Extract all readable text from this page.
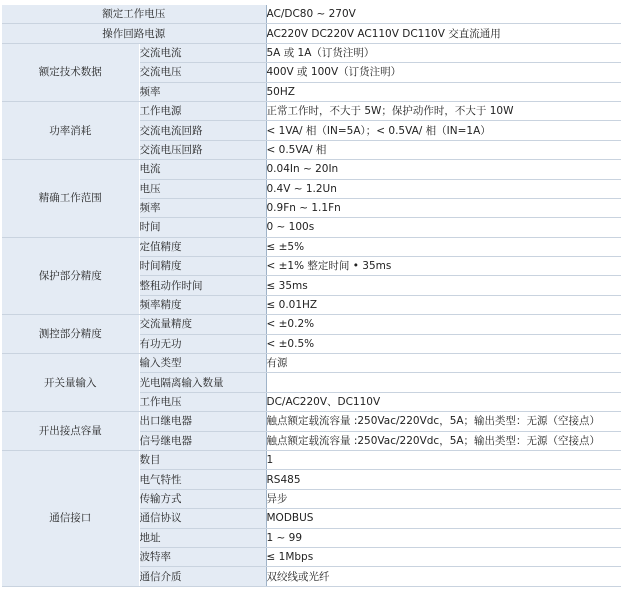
额定工作电压		AC/DC80 ~ 270V
操作回路电源		AC220V DC220V AC110V DC110V 交直流通用
额定技术数据	交流电流	5A 或 1A（订货注明）
	交流电压	400V 或 100V（订货注明）
	频率	50HZ
功率消耗	工作电源	正常工作时，不大于 5W；保护动作时，不大于 10W
	交流电流回路	< 1VA/ 相（IN=5A）；< 0.5VA/ 相（IN=1A）
	交流电压回路	< 0.5VA/ 相
精确工作范围	电流	0.04In ~ 20In
	电压	0.4V ~ 1.2Un
	频率	0.9Fn ~ 1.1Fn
	时间	0 ~ 100s
保护部分精度	定值精度	≤ ±5%
	时间精度	< ±1% 整定时间 • 35ms
	整租动作时间	≤ 35ms
	频率精度	≤ 0.01HZ
测控部分精度	交流量精度	< ±0.2%
	有功无功	< ±0.5%
开关量输入	输入类型	有源
	光电隔离输入数量	
	工作电压	DC/AC220V、DC110V
开出接点容量	出口继电器	触点额定载流容量 :250Vac/220Vdc，5A；输出类型：无源（空接点）
	信号继电器	触点额定载流容量 :250Vac/220Vdc，5A；输出类型：无源（空接点）
通信接口	数目	1
	电气特性	RS485
	传输方式	异步
	通信协议	MODBUS
	地址	1 ~ 99
	波特率	≤ 1Mbps
	通信介质	双绞线或光纤
